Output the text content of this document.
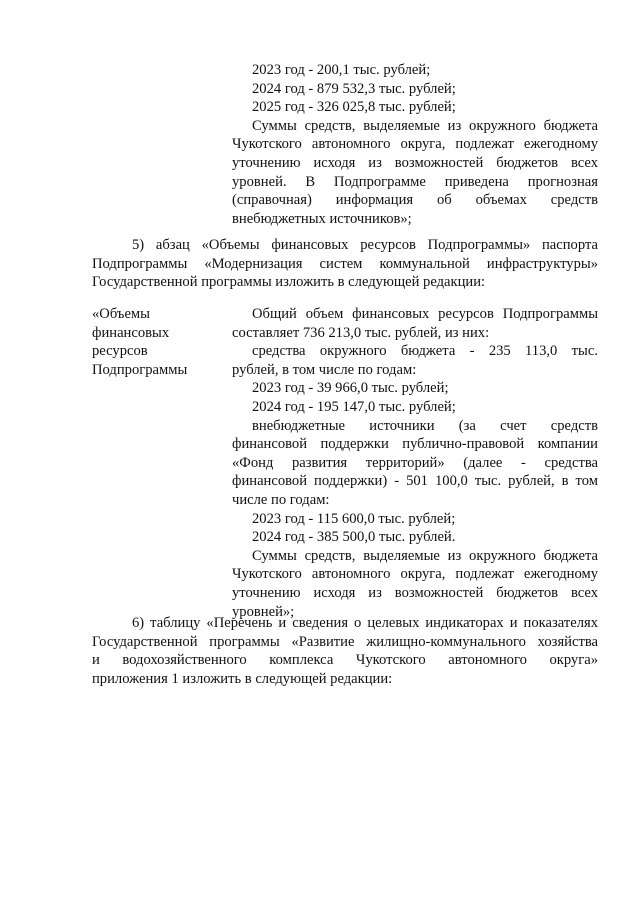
2023 год - 200,1 тыс. рублей;
2024 год - 879 532,3 тыс. рублей;
2025 год - 326 025,8 тыс. рублей;
Суммы средств, выделяемые из окружного бюджета
Чукотского автономного округа, подлежат ежегодному
уточнению исходя из возможностей бюджетов всех
уровней. В Подпрограмме приведена прогнозная
(справочная) информация об объемах средств
внебюджетных источников»;
5) абзац «Объемы финансовых ресурсов Подпрограммы» паспорта
Подпрограммы «Модернизация систем коммунальной инфраструктуры»
Государственной программы изложить в следующей редакции:
«Объемы
финансовых
ресурсов
Подпрограммы
Общий объем финансовых ресурсов Подпрограммы
составляет 736 213,0 тыс. рублей, из них:
средства окружного бюджета - 235 113,0 тыс.
рублей, в том числе по годам:
2023 год - 39 966,0 тыс. рублей;
2024 год - 195 147,0 тыс. рублей;
внебюджетные источники (за счет средств
финансовой поддержки публично-правовой компании
«Фонд развития территорий» (далее - средства
финансовой поддержки) - 501 100,0 тыс. рублей, в том
числе по годам:
2023 год - 115 600,0 тыс. рублей;
2024 год - 385 500,0 тыс. рублей.
Суммы средств, выделяемые из окружного бюджета
Чукотского автономного округа, подлежат ежегодному
уточнению исходя из возможностей бюджетов всех
уровней»;
6) таблицу «Перечень и сведения о целевых индикаторах и показателях
Государственной программы «Развитие жилищно-коммунального хозяйства
и водохозяйственного комплекса Чукотского автономного округа»
приложения 1 изложить в следующей редакции:
